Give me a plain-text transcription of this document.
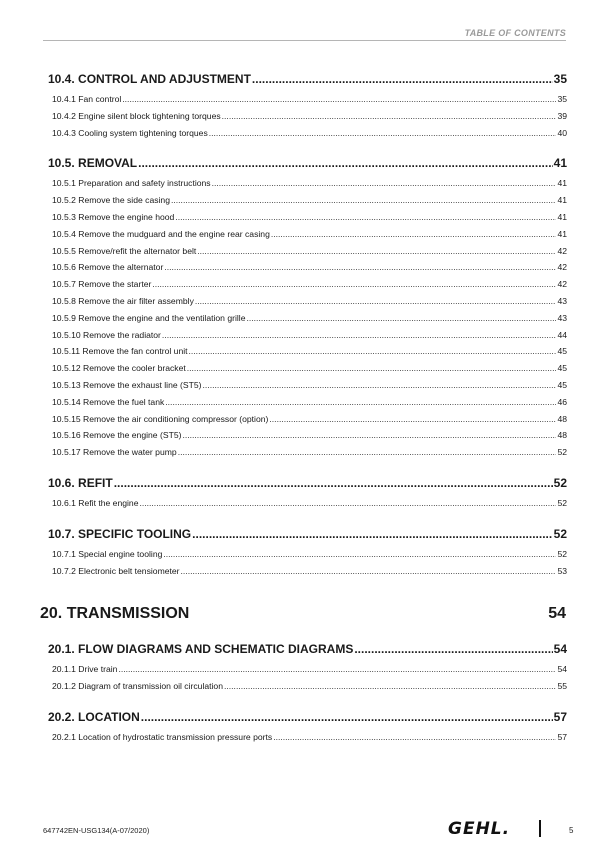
TABLE OF CONTENTS
10.4. CONTROL AND ADJUSTMENT .....	35
10.4.1 Fan control .....	35
10.4.2 Engine silent block tightening torques .....	39
10.4.3 Cooling system tightening torques .....	40
10.5. REMOVAL .....	41
10.5.1 Preparation and safety instructions .....	41
10.5.2 Remove the side casing .....	41
10.5.3 Remove the engine hood .....	41
10.5.4 Remove the mudguard and the engine rear casing .....	41
10.5.5 Remove/refit the alternator belt .....	42
10.5.6 Remove the alternator .....	42
10.5.7 Remove the starter .....	42
10.5.8 Remove the air filter assembly .....	43
10.5.9 Remove the engine and the ventilation grille .....	43
10.5.10 Remove the radiator .....	44
10.5.11 Remove the fan control unit .....	45
10.5.12 Remove the cooler bracket .....	45
10.5.13 Remove the exhaust line (ST5) .....	45
10.5.14 Remove the fuel tank .....	46
10.5.15 Remove the air conditioning compressor (option) .....	48
10.5.16 Remove the engine (ST5) .....	48
10.5.17 Remove the water pump .....	52
10.6. REFIT .....	52
10.6.1 Refit the engine .....	52
10.7. SPECIFIC TOOLING .....	52
10.7.1 Special engine tooling .....	52
10.7.2 Electronic belt tensiometer .....	53
20. TRANSMISSION	54
20.1. FLOW DIAGRAMS AND SCHEMATIC DIAGRAMS .....	54
20.1.1 Drive train .....	54
20.1.2 Diagram of transmission oil circulation .....	55
20.2. LOCATION .....	57
20.2.1 Location of hydrostatic transmission pressure ports .....	57
647742EN-USG134(A-07/2020)	GEHL.	5
